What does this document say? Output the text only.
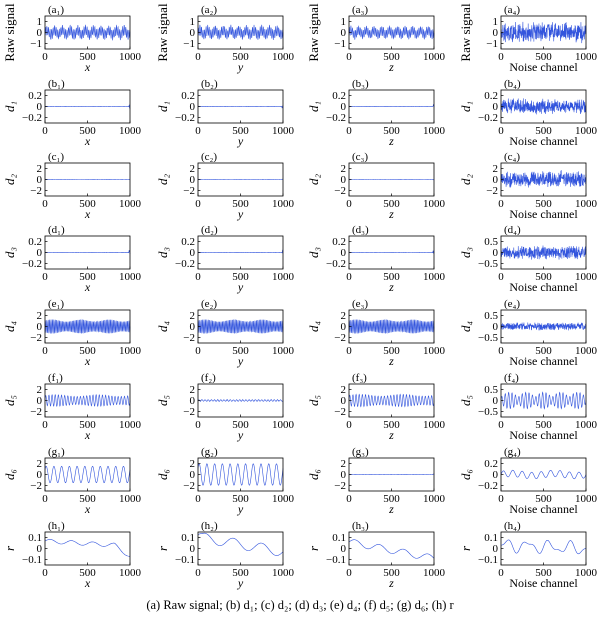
1
0
−1
0	500 1000
x
(a₁)
Raw signal	1
0
−1
0	500 1000
y
(a₂)
Raw signal	1
0
−1
0	500 1000
z
(a₃)
Raw signal	1
0
−1
0	500 1000
Noise channel
(a₄)
Raw signal
0.2
0
−0.2
0	500 1000
x
(b₁)
d₁
0.2
0
−0.2
0	500 1000
y
(b₂)
d₁
0.2
0
−0.2
0	500 1000
z
(b₃)
d₁
0.2
0
−0.2
0	500 1000
Noise channel
(b₄)
d₁
2
0
−2
0	500 1000
x
(c₁)
d₂
2
0
−2
0	500 1000
y
(c₂)
d₂
2
0
−2
0	500 1000
z
(c₃)
d₂
2
0
−2
0	500 1000
Noise channel
(c₄)
d₂
0.2
0
−0.2
0	500 1000
x
(d₁)
d₃
0.2
0
−0.2
0	500 1000
y
(d₂)
d₃
0.2
0
−0.2
0	500 1000
z
(d₃)
d₃
0.5
0
−0.5
0	500 1000
Noise channel
(d₄)
d₃
2
0
−2
0	500 1000
x
(e₁)
d₄
2
0
−2
0	500 1000
y
(e₂)
d₄
2
0
−2
0	500 1000
z
(e₃)
d₄
0.5
0
−0.5
0	500 1000
Noise channel
(e₄)
d₄
2
0
−2
0	500 1000
x
(f₁)
d₅
2
0
−2
0	500 1000
y
(f₂)
d₅
2
0
−2
0	500 1000
z
(f₃)
d₅
0.5
0
−0.5
0	500 1000
Noise channel
(f₄)
d₅
2
0
−2
0	500 1000
x
(g₁)
d₆
2
0
−2
0	500 1000
y
(g₂)
d₆
2
0
−2
0	500 1000
z
(g₃)
d₆
0.2
0
−0.2
0	500 1000
Noise channel
(g₄)
d₆
0.1
0
−0.1
0	500 1000
x
(h₁)
r
0.1
0
−0.1
0	500 1000
y
(h₂)
r
0.1
0
−0.1
0	500 1000
z
(h₃)
r
0.1
0
−0.1
0	500 1000
Noise channel
(h₄)
r
(a) Raw signal; (b) d₁; (c) d₂; (d) d₃; (e) d₄; (f) d₅; (g) d₆; (h) r
